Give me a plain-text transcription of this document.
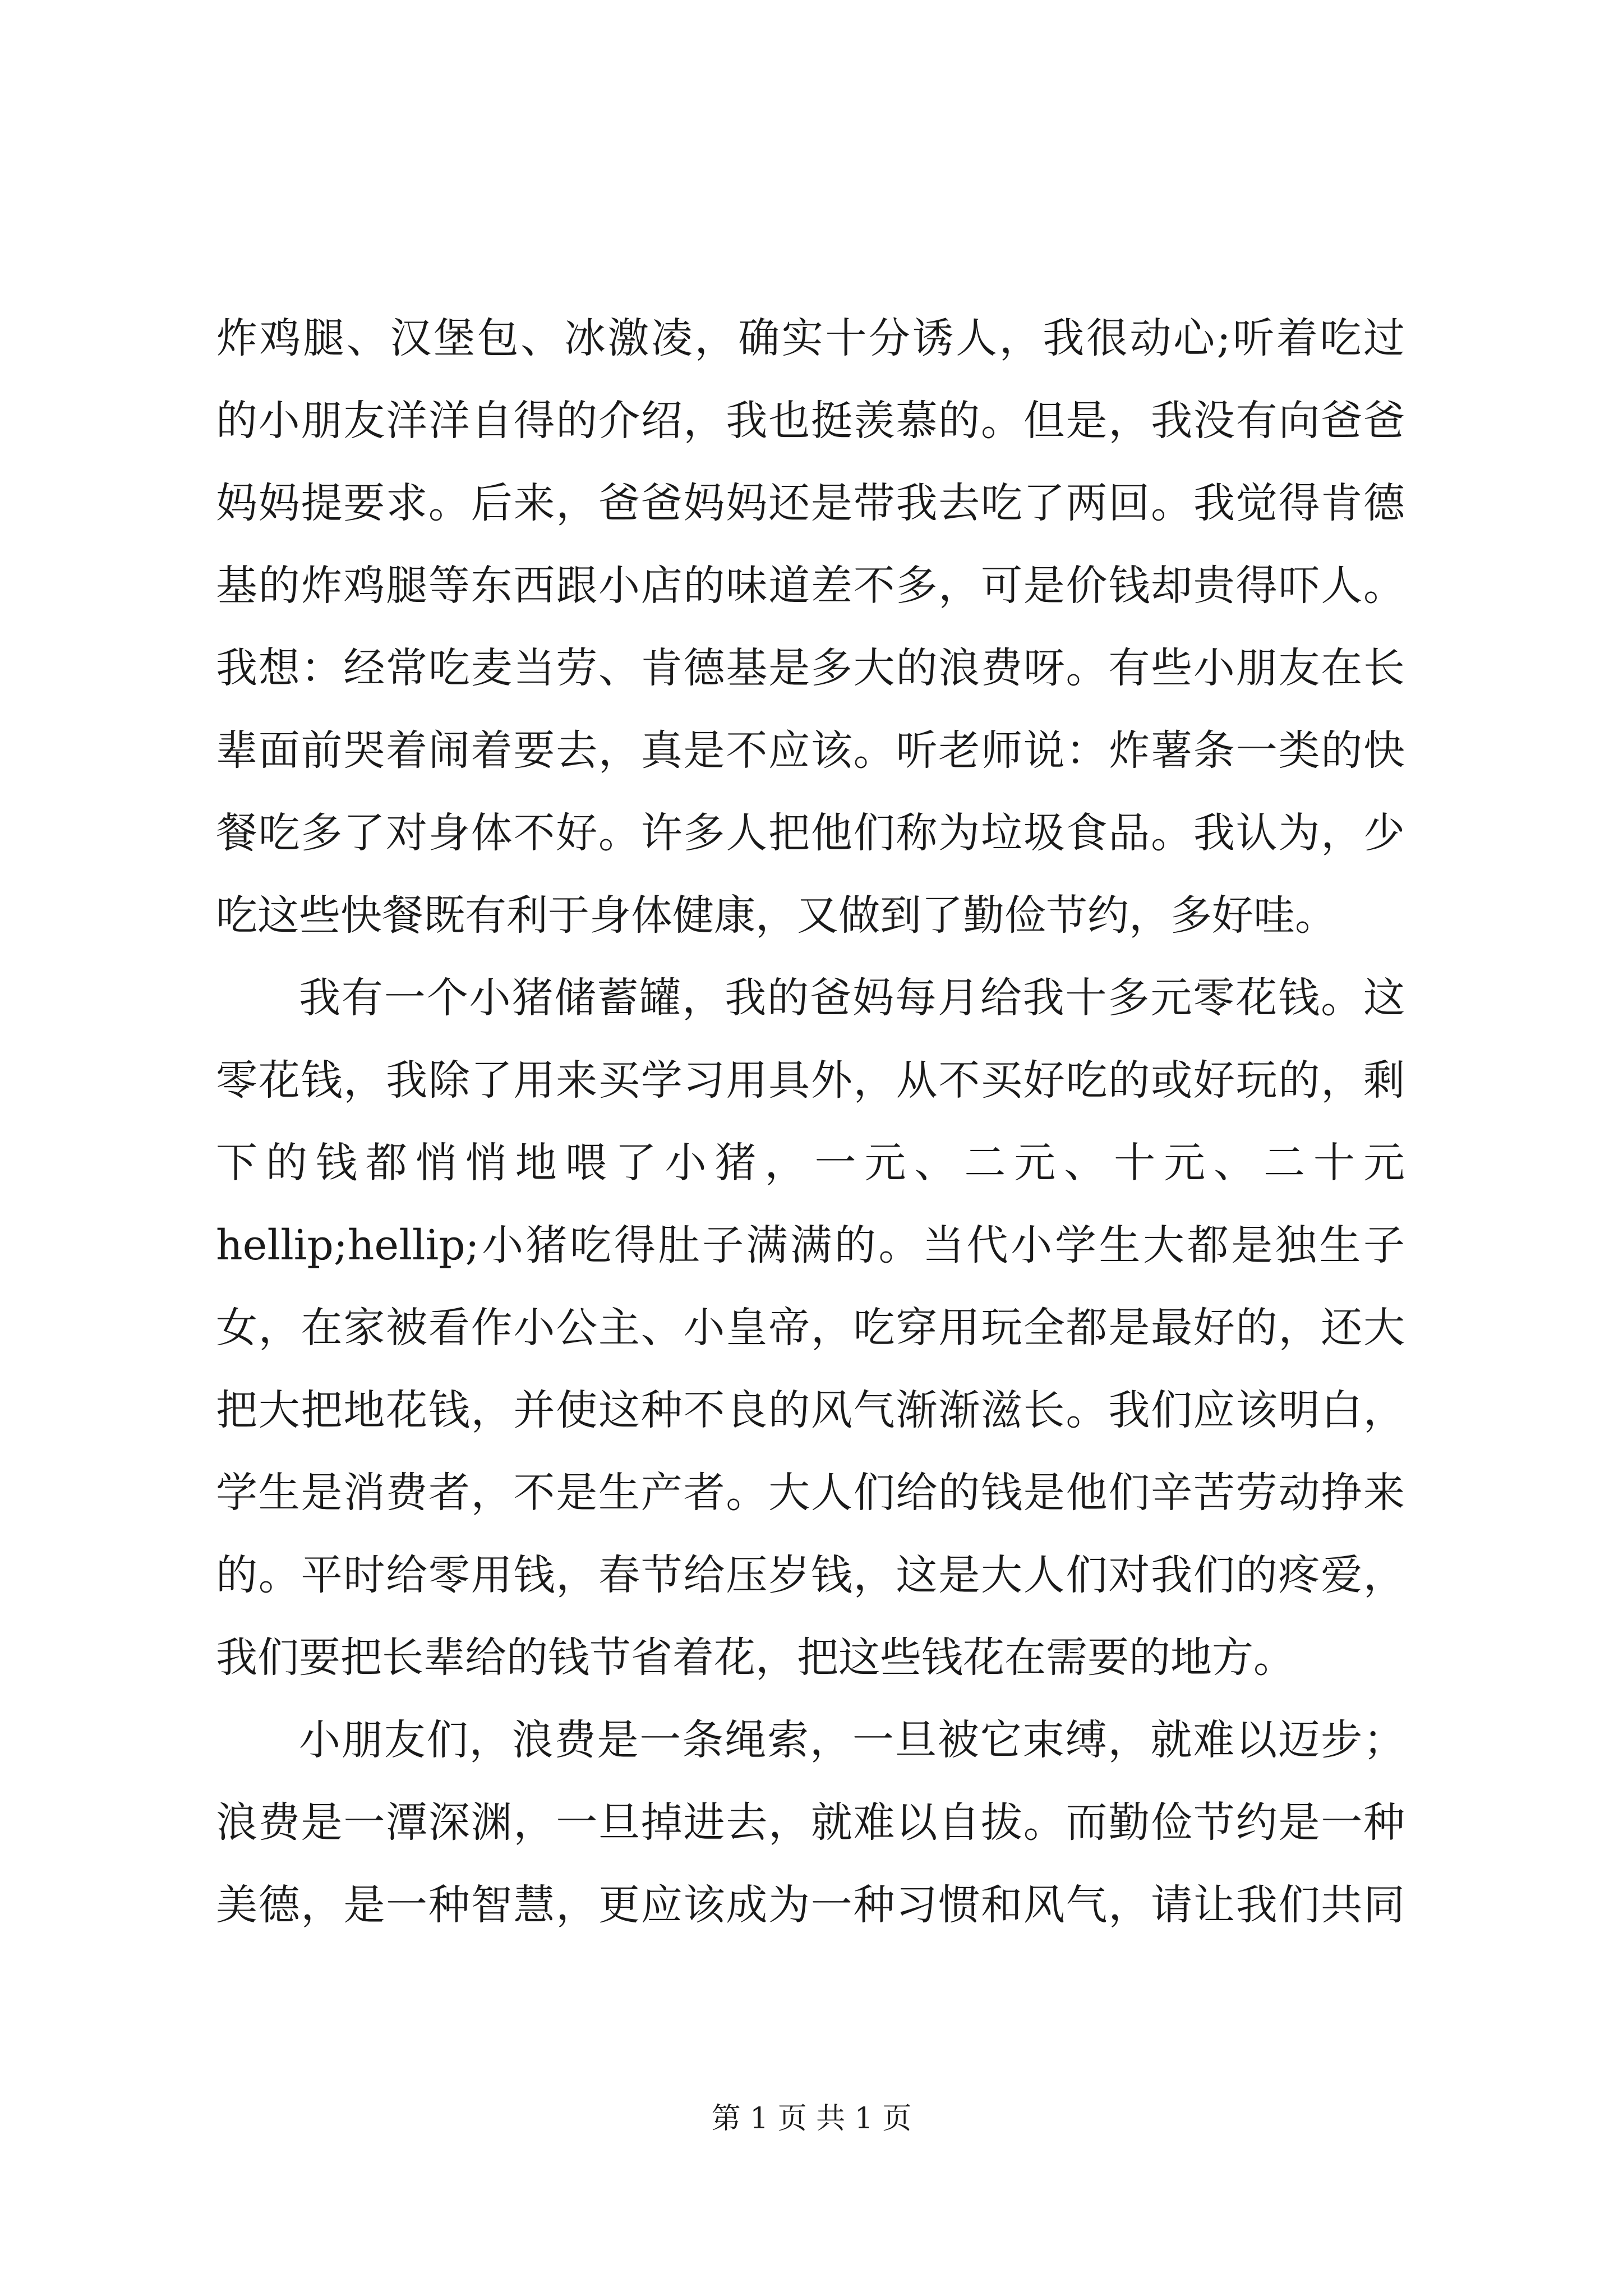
炸鸡腿、汉堡包、冰激凌，确实十分诱人，我很动心;听着吃过
的小朋友洋洋自得的介绍，我也挺羡慕的。但是，我没有向爸爸
妈妈提要求。后来，爸爸妈妈还是带我去吃了两回。我觉得肯德
基的炸鸡腿等东西跟小店的味道差不多，可是价钱却贵得吓人。
我想：经常吃麦当劳、肯德基是多大的浪费呀。有些小朋友在长
辈面前哭着闹着要去，真是不应该。听老师说：炸薯条一类的快
餐吃多了对身体不好。许多人把他们称为垃圾食品。我认为，少
吃这些快餐既有利于身体健康，又做到了勤俭节约，多好哇。
我有一个小猪储蓄罐，我的爸妈每月给我十多元零花钱。这
零花钱，我除了用来买学习用具外，从不买好吃的或好玩的，剩
下的钱都悄悄地喂了小猪，一元、二元、十元、二十元
hellip;hellip;小猪吃得肚子满满的。当代小学生大都是独生子
女，在家被看作小公主、小皇帝，吃穿用玩全都是最好的，还大
把大把地花钱，并使这种不良的风气渐渐滋长。我们应该明白，
学生是消费者，不是生产者。大人们给的钱是他们辛苦劳动挣来
的。平时给零用钱，春节给压岁钱，这是大人们对我们的疼爱，
我们要把长辈给的钱节省着花，把这些钱花在需要的地方。
小朋友们，浪费是一条绳索，一旦被它束缚，就难以迈步；
浪费是一潭深渊，一旦掉进去，就难以自拔。而勤俭节约是一种
美德，是一种智慧，更应该成为一种习惯和风气，请让我们共同
第 1 页 共 1 页
